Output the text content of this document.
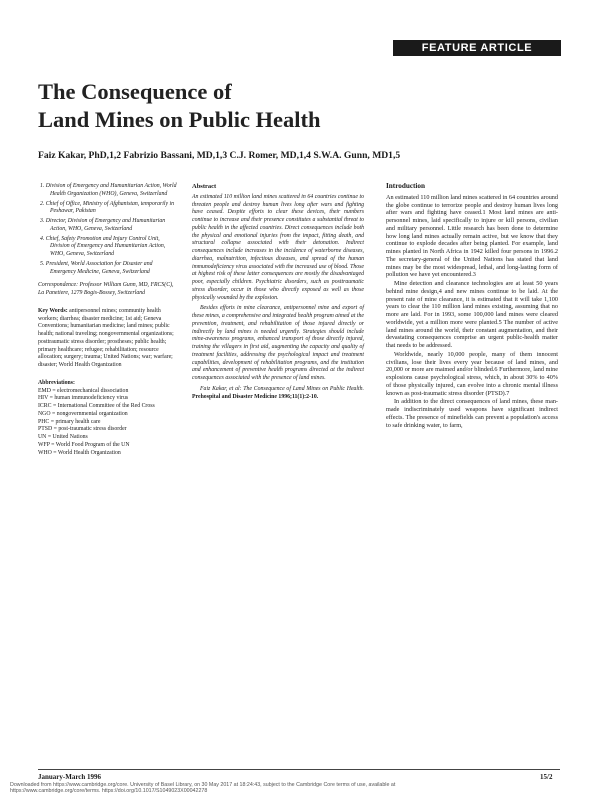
FEATURE ARTICLE
The Consequence of
Land Mines on Public Health
Faiz Kakar, PhD,1,2 Fabrizio Bassani, MD,1,3 C.J. Romer, MD,1,4 S.W.A. Gunn, MD1,5

1. Division of Emergency and Humanitarian Action, World Health Organization (WHO), Geneva, Switzerland

2. Chief of Office, Ministry of Afghanistan, temporarily in Peshawar, Pakistan

3. Director, Division of Emergency and Humanitarian Action, WHO, Geneva, Switzerland

4. Chief, Safety Promotion and Injury Control Unit, Division of Emergency and Humanitarian Action, WHO, Geneva, Switzerland

5. President, World Association for Disaster and Emergency Medicine, Geneva, Switzerland

Correspondence: Professor William Gunn, MD, FRCS(C), La Panetiere, 1279 Bogis-Bossey, Switzerland

Key Words: antipersonnel mines; community health workers; diarrhea; disaster medicine; 1st aid; Geneva Conventions; humanitarian medicine; land mines; public health; national traveling; nongovernmental organizations; posttraumatic stress disorder; prostheses; public health; primary healthcare; refugee; rehabilitation; resource allocation; surgery; trauma; United Nations; war; warfare; disaster; World Health Organization

Abbreviations:

EMD = electromechanical dissociation

HIV = human immunodeficiency virus

ICRC = International Committee of the Red Cross

NGO = nongovernmental organization

PHC = primary health care

PTSD = post-traumatic stress disorder

UN = United Nations

WFP = World Food Program of the UN

WHO = World Health Organization

Abstract

An estimated 110 million land mines scattered in 64 countries continue to threaten people and destroy human lives long after wars and fighting have ceased. Despite efforts to clear these devices, their numbers continue to increase and their presence constitutes a substantial threat to public health in the affected countries. Direct consequences include both the physical and emotional injuries from the impact, fitting death, and structural collapse associated with their detonation. Indirect consequences include increases in the incidence of waterborne diseases, diarrhea, malnutrition, infectious diseases, and spread of the human immunodeficiency virus associated with the increased use of blood. Those at highest risk of these latter consequences are mostly the disadvantaged poor, especially children. Psychiatric disorders, such as posttraumatic stress disorder, occur in those who directly exposed as well as those physically wounded by the explosion.

Besides efforts in mine clearance, antipersonnel mine and export of these mines, a comprehensive and integrated health program aimed at the prevention, treatment, and rehabilitation of those injured directly or indirectly by land mines is needed urgently. Strategies should include mine-awareness programs, enhanced transport of those directly injured, training the villagers in first aid, augmenting the capacity and quality of treatment facilities, addressing the psychological impact and treatment capabilities, development of rehabilitation programs, and the institution and enhancement of preventive health programs directed at the indirect consequences associated with the presence of land mines.

Faiz Kakar, et al: The Consequence of Land Mines on Public Health. Prehospital and Disaster Medicine 1996;11(1):2-10.

Introduction

An estimated 110 million land mines scattered in 64 countries around the globe continue to terrorize people and destroy human lives long after wars and fighting have ceased.1 Most land mines are anti-personnel mines, laid specifically to injure or kill persons, civilian and military personnel. Little research has been done to determine how long land mines actually remain active, but we know that they continue to explode decades after being planted. For example, land mines planted in North Africa in 1942 killed four persons in 1996.2 The secretary-general of the United Nations has stated that land mines may be the most widespread, lethal, and long-lasting form of pollution we have yet encountered.3

Mine detection and clearance technologies are at least 50 years behind mine design,4 and new mines continue to be laid. At the present rate of mine clearance, it is estimated that it will take 1,100 years to clear the 110 million land mines existing, assuming that no more are laid. For in 1993, some 100,000 land mines were cleared worldwide, yet a million more were planted.5 The number of active land mines around the world, their constant augmentation, and their devastating consequences comprise an urgent public-health matter that needs to be addressed.

Worldwide, nearly 10,000 people, many of them innocent civilians, lose their lives every year because of land mines, and 20,000 or more are maimed and/or blinded.6 Furthermore, land mine explosions cause psychological stress, which, in about 30% to 40% of those physically injured, can evolve into a chronic mental illness known as post-traumatic stress disorder (PTSD).7

In addition to the direct consequences of land mines, these man-made indiscriminately used weapons have significant indirect effects. The presence of minefields can prevent a population's access to safe drinking water, to farm,

January-March 1996	15/2
Downloaded from https://www.cambridge.org/core. University of Basel Library, on 30 May 2017 at 18:24:43, subject to the Cambridge Core terms of use, available at
https://www.cambridge.org/core/terms. https://doi.org/10.1017/S1049023X00042278
